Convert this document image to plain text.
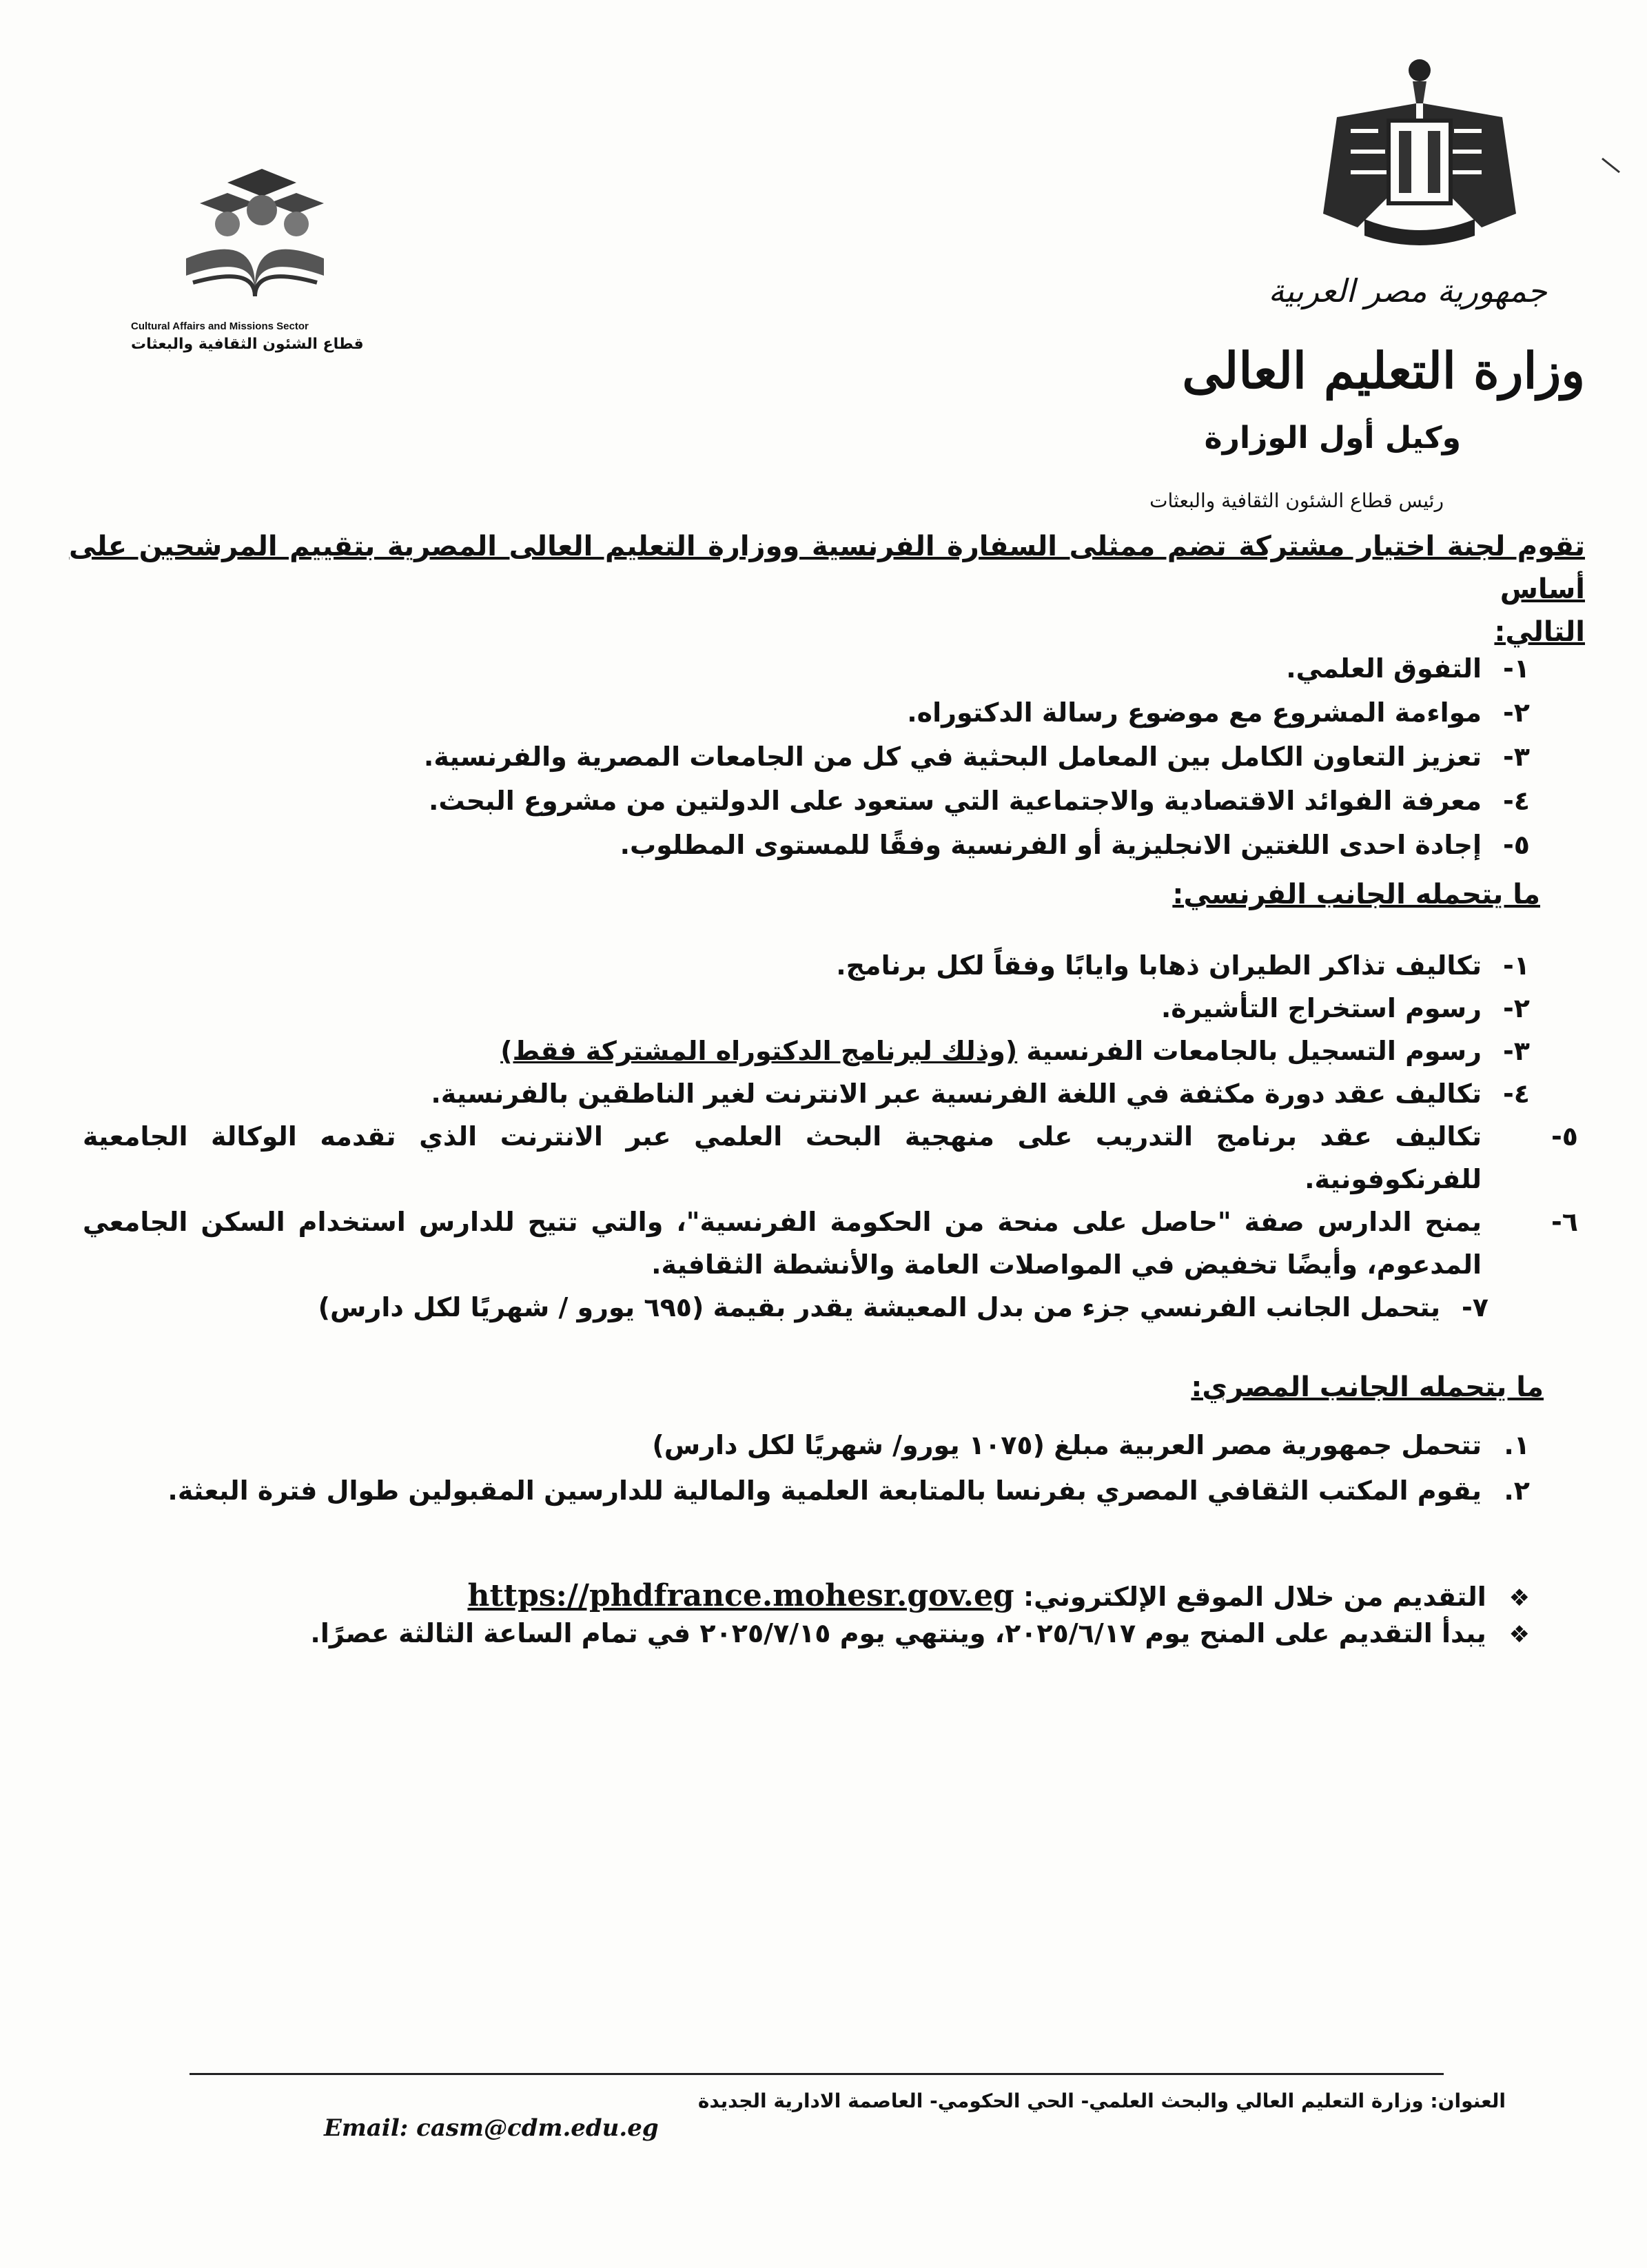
Cultural Affairs and Missions Sector
قطاع الشئون الثقافية والبعثات
جمهورية مصر العربية
وزارة التعليم العالى
وكيل أول الوزارة
رئيس قطاع الشئون الثقافية والبعثات
تقوم لجنة اختيار مشتركة تضم ممثلى السفارة الفرنسية ووزارة التعليم العالى المصرية بتقييم المرشحين على أساس
التالي:
١-التفوق العلمي.
٢-مواءمة المشروع مع موضوع رسالة الدكتوراه.
٣-تعزيز التعاون الكامل بين المعامل البحثية في كل من الجامعات المصرية والفرنسية.
٤-معرفة الفوائد الاقتصادية والاجتماعية التي ستعود على الدولتين من مشروع البحث.
٥-إجادة احدى اللغتين الانجليزية أو الفرنسية وفقًا للمستوى المطلوب.
ما يتحمله الجانب الفرنسي:
١-تكاليف تذاكر الطيران ذهابا وايابًا وفقاً لكل برنامج.
٢-رسوم استخراج التأشيرة.
٣-رسوم التسجيل بالجامعات الفرنسية (وذلك لبرنامج الدكتوراه المشتركة فقط)
٤-تكاليف عقد دورة مكثفة في اللغة الفرنسية عبر الانترنت لغير الناطقين بالفرنسية.
٥-تكاليف عقد برنامج التدريب على منهجية البحث العلمي عبر الانترنت الذي تقدمه الوكالة الجامعية للفرنكوفونية.
٦-يمنح الدارس صفة "حاصل على منحة من الحكومة الفرنسية"، والتي تتيح للدارس استخدام السكن الجامعي المدعوم، وأيضًا تخفيض في المواصلات العامة والأنشطة الثقافية.
٧-يتحمل الجانب الفرنسي جزء من بدل المعيشة يقدر بقيمة (٦٩٥ يورو / شهريًا لكل دارس)
ما يتحمله الجانب المصري:
١.تتحمل جمهورية مصر العربية مبلغ (١٠٧٥ يورو/ شهريًا لكل دارس)
٢.يقوم المكتب الثقافي المصري بفرنسا بالمتابعة العلمية والمالية للدارسين المقبولين طوال فترة البعثة.
❖ التقديم من خلال الموقع الإلكتروني: https://phdfrance.mohesr.gov.eg
❖ يبدأ التقديم على المنح يوم ٢٠٢٥/٦/١٧، وينتهي يوم ٢٠٢٥/٧/١٥ في تمام الساعة الثالثة عصرًا.
العنوان: وزارة التعليم العالي والبحث العلمي- الحي الحكومي- العاصمة الادارية الجديدة
Email: casm@cdm.edu.eg
